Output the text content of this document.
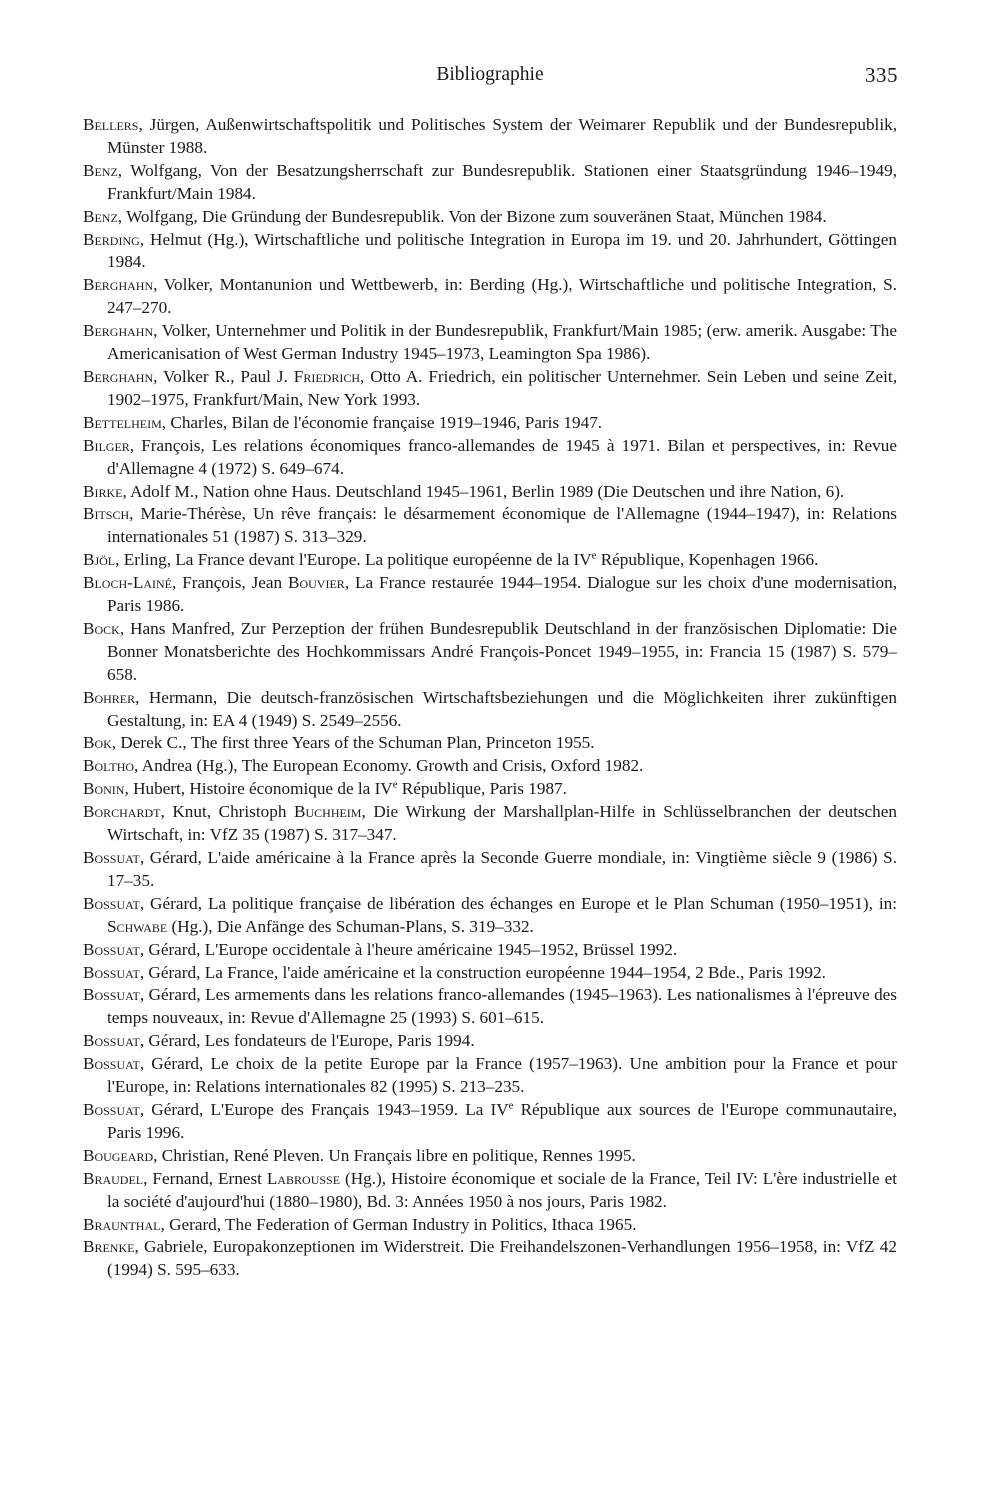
Bibliographie	335
Bellers, Jürgen, Außenwirtschaftspolitik und Politisches System der Weimarer Republik und der Bundesrepublik, Münster 1988.
Benz, Wolfgang, Von der Besatzungsherrschaft zur Bundesrepublik. Stationen einer Staatsgründung 1946–1949, Frankfurt/Main 1984.
Benz, Wolfgang, Die Gründung der Bundesrepublik. Von der Bizone zum souveränen Staat, München 1984.
Berding, Helmut (Hg.), Wirtschaftliche und politische Integration in Europa im 19. und 20. Jahrhundert, Göttingen 1984.
Berghahn, Volker, Montanunion und Wettbewerb, in: Berding (Hg.), Wirtschaftliche und politische Integration, S. 247–270.
Berghahn, Volker, Unternehmer und Politik in der Bundesrepublik, Frankfurt/Main 1985; (erw. amerik. Ausgabe: The Americanisation of West German Industry 1945–1973, Leamington Spa 1986).
Berghahn, Volker R., Paul J. Friedrich, Otto A. Friedrich, ein politischer Unternehmer. Sein Leben und seine Zeit, 1902–1975, Frankfurt/Main, New York 1993.
Bettelheim, Charles, Bilan de l'économie française 1919–1946, Paris 1947.
Bilger, François, Les relations économiques franco-allemandes de 1945 à 1971. Bilan et perspectives, in: Revue d'Allemagne 4 (1972) S. 649–674.
Birke, Adolf M., Nation ohne Haus. Deutschland 1945–1961, Berlin 1989 (Die Deutschen und ihre Nation, 6).
Bitsch, Marie-Thérèse, Un rêve français: le désarmement économique de l'Allemagne (1944–1947), in: Relations internationales 51 (1987) S. 313–329.
Bjöl, Erling, La France devant l'Europe. La politique européenne de la IVe République, Kopenhagen 1966.
Bloch-Lainé, François, Jean Bouvier, La France restaurée 1944–1954. Dialogue sur les choix d'une modernisation, Paris 1986.
Bock, Hans Manfred, Zur Perzeption der frühen Bundesrepublik Deutschland in der französischen Diplomatie: Die Bonner Monatsberichte des Hochkommissars André François-Poncet 1949–1955, in: Francia 15 (1987) S. 579–658.
Bohrer, Hermann, Die deutsch-französischen Wirtschaftsbeziehungen und die Möglichkeiten ihrer zukünftigen Gestaltung, in: EA 4 (1949) S. 2549–2556.
Bok, Derek C., The first three Years of the Schuman Plan, Princeton 1955.
Boltho, Andrea (Hg.), The European Economy. Growth and Crisis, Oxford 1982.
Bonin, Hubert, Histoire économique de la IVe République, Paris 1987.
Borchardt, Knut, Christoph Buchheim, Die Wirkung der Marshallplan-Hilfe in Schlüsselbranchen der deutschen Wirtschaft, in: VfZ 35 (1987) S. 317–347.
Bossuat, Gérard, L'aide américaine à la France après la Seconde Guerre mondiale, in: Vingtième siècle 9 (1986) S. 17–35.
Bossuat, Gérard, La politique française de libération des échanges en Europe et le Plan Schuman (1950–1951), in: Schwabe (Hg.), Die Anfänge des Schuman-Plans, S. 319–332.
Bossuat, Gérard, L'Europe occidentale à l'heure américaine 1945–1952, Brüssel 1992.
Bossuat, Gérard, La France, l'aide américaine et la construction européenne 1944–1954, 2 Bde., Paris 1992.
Bossuat, Gérard, Les armements dans les relations franco-allemandes (1945–1963). Les nationalismes à l'épreuve des temps nouveaux, in: Revue d'Allemagne 25 (1993) S. 601–615.
Bossuat, Gérard, Les fondateurs de l'Europe, Paris 1994.
Bossuat, Gérard, Le choix de la petite Europe par la France (1957–1963). Une ambition pour la France et pour l'Europe, in: Relations internationales 82 (1995) S. 213–235.
Bossuat, Gérard, L'Europe des Français 1943–1959. La IVe République aux sources de l'Europe communautaire, Paris 1996.
Bougeard, Christian, René Pleven. Un Français libre en politique, Rennes 1995.
Braudel, Fernand, Ernest Labrousse (Hg.), Histoire économique et sociale de la France, Teil IV: L'ère industrielle et la société d'aujourd'hui (1880–1980), Bd. 3: Années 1950 à nos jours, Paris 1982.
Braunthal, Gerard, The Federation of German Industry in Politics, Ithaca 1965.
Brenke, Gabriele, Europakonzeptionen im Widerstreit. Die Freihandelszonen-Verhandlungen 1956–1958, in: VfZ 42 (1994) S. 595–633.
